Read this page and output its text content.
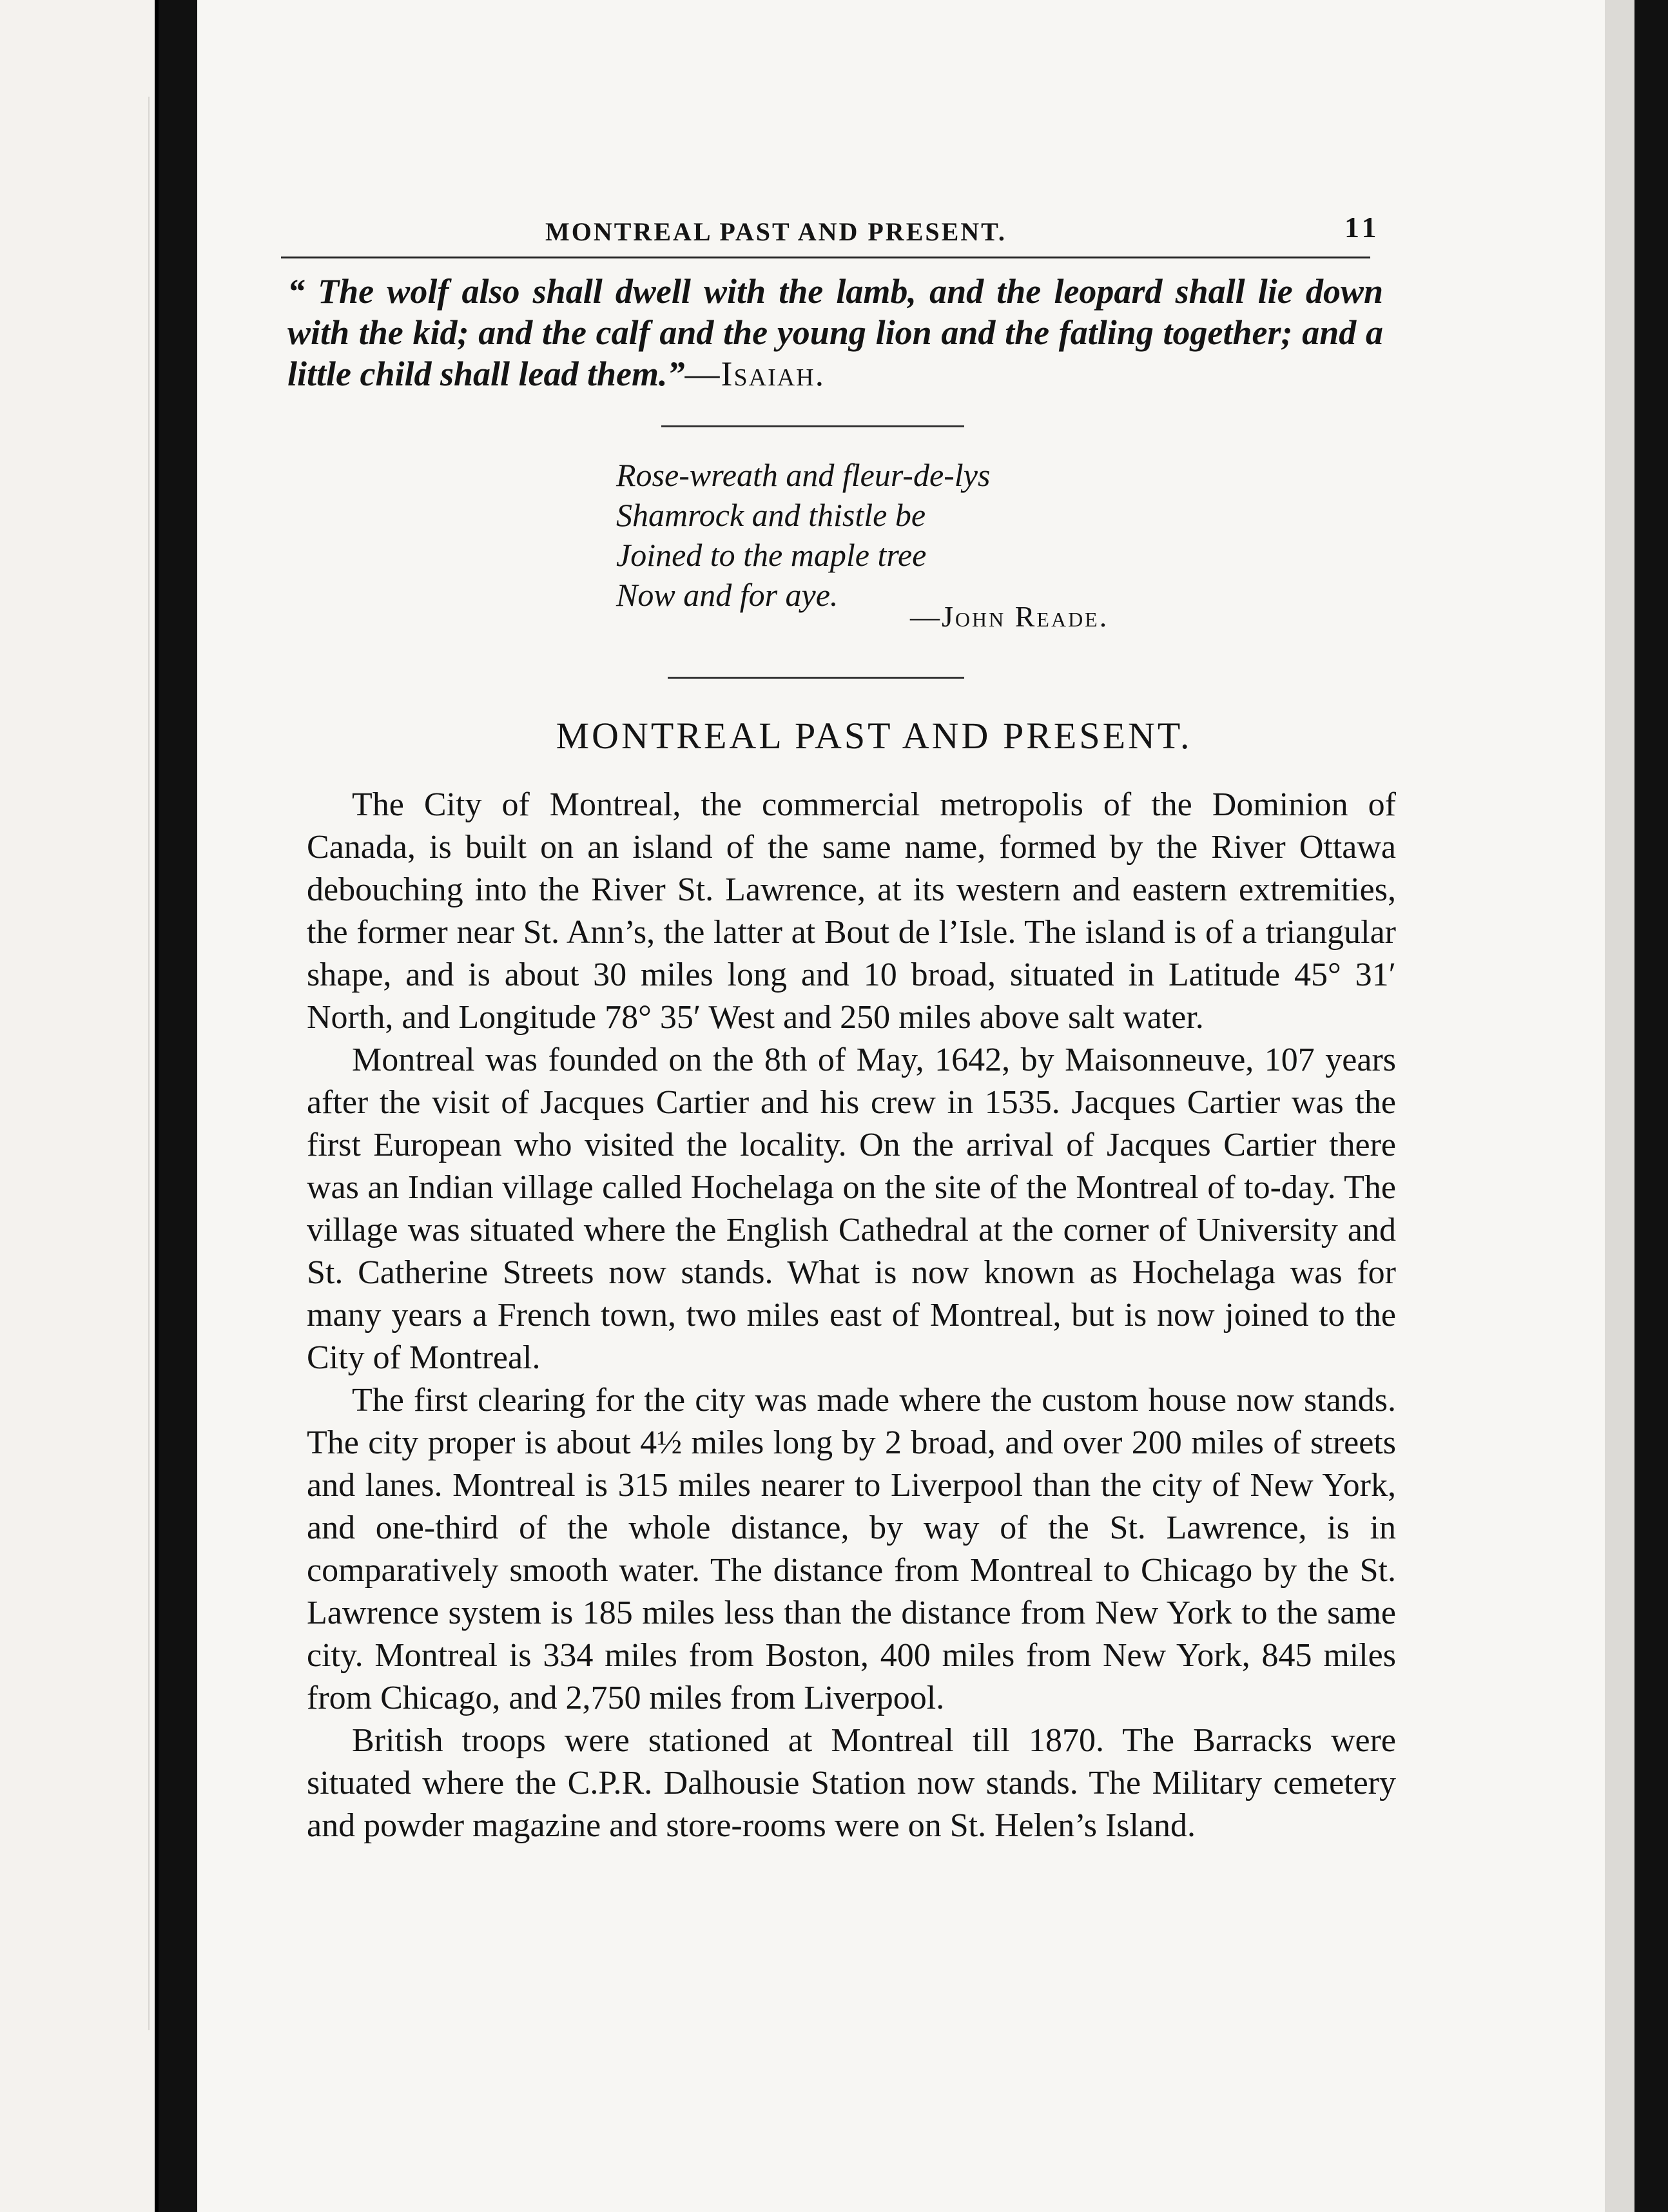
MONTREAL PAST AND PRESENT.	11
“ The wolf also shall dwell with the lamb, and the leopard shall lie down with the kid; and the calf and the young lion and the fatling together; and a little child shall lead them.”—Isaiah.
Rose-wreath and fleur-de-lys
Shamrock and thistle be
Joined to the maple tree
Now and for aye.
—John Reade.
MONTREAL PAST AND PRESENT.

The City of Montreal, the commercial metropolis of the Dominion of Canada, is built on an island of the same name, formed by the River Ottawa debouching into the River St. Lawrence, at its western and eastern extremities, the former near St. Ann’s, the latter at Bout de l’Isle. The island is of a triangular shape, and is about 30 miles long and 10 broad, situated in Latitude 45° 31′ North, and Longitude 78° 35′ West and 250 miles above salt water.

Montreal was founded on the 8th of May, 1642, by Maisonneuve, 107 years after the visit of Jacques Cartier and his crew in 1535. Jacques Cartier was the first European who visited the locality. On the arrival of Jacques Cartier there was an Indian village called Hochelaga on the site of the Montreal of to-day. The village was situated where the English Cathedral at the corner of University and St. Catherine Streets now stands. What is now known as Hochelaga was for many years a French town, two miles east of Montreal, but is now joined to the City of Montreal.

The first clearing for the city was made where the custom house now stands. The city proper is about 4½ miles long by 2 broad, and over 200 miles of streets and lanes. Montreal is 315 miles nearer to Liverpool than the city of New York, and one-third of the whole distance, by way of the St. Lawrence, is in comparatively smooth water. The distance from Montreal to Chicago by the St. Lawrence system is 185 miles less than the distance from New York to the same city. Montreal is 334 miles from Boston, 400 miles from New York, 845 miles from Chicago, and 2,750 miles from Liverpool.

British troops were stationed at Montreal till 1870. The Barracks were situated where the C.P.R. Dalhousie Station now stands. The Military cemetery and powder magazine and store-rooms were on St. Helen’s Island.
